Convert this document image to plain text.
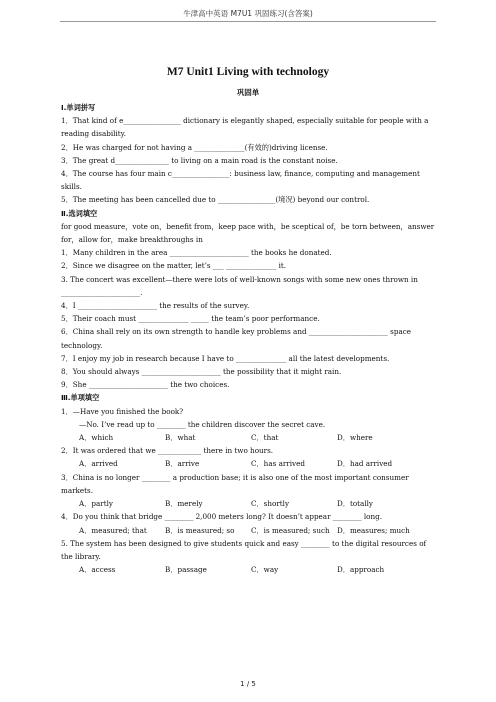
牛津高中英语 M7U1 巩固练习(含答案)
M7 Unit1 Living with technology
巩固单
Ⅰ.单词拼写
1．That kind of e________________ dictionary is elegantly shaped, especially suitable for people with a reading disability.
2．He was charged for not having a ______________(有效的)driving license.
3．The great d_______________ to living on a main road is the constant noise.
4．The course has four main c________________: business law, finance, computing and management skills.
5．The meeting has been cancelled due to ________________(境况) beyond our control.
Ⅱ.选词填空
for good measure，vote on，benefit from，keep pace with，be sceptical of，be torn between，answer for，allow for，make breakthroughs in
1．Many children in the area ______________________ the books he donated.
2．Since we disagree on the matter, let’s ___ ______________ it.
3. The concert was excellent—there were lots of well-known songs with some new ones thrown in ______________________.
4．I ______________________ the results of the survey.
5．Their coach must ______________ _____ the team’s poor performance.
6．China shall rely on its own strength to handle key problems and ______________________ space technology.
7．I enjoy my job in research because I have to ______________ all the latest developments.
8．You should always ______________________ the possibility that it might rain.
9．She ______________________ the two choices.
Ⅲ.单项填空
1．—Have you finished the book?
—No. I’ve read up to ________ the children discover the secret cave.
A．which	B．what	C．that	D．where
2．It was ordered that we ____________ there in two hours.
A．arrived	B．arrive	C．has arrived	D．had arrived
3．China is no longer ________ a production base; it is also one of the most important consumer markets.
A．partly	B．merely	C．shortly	D．totally
4．Do you think that bridge ________ 2,000 meters long? It doesn’t appear ________ long.
A．measured; that	B．is measured; so	C．is measured; such	D．measures; much
5. The system has been designed to give students quick and easy ________ to the digital resources of the library.
A．access	B．passage	C．way	D．approach
1 / 5
